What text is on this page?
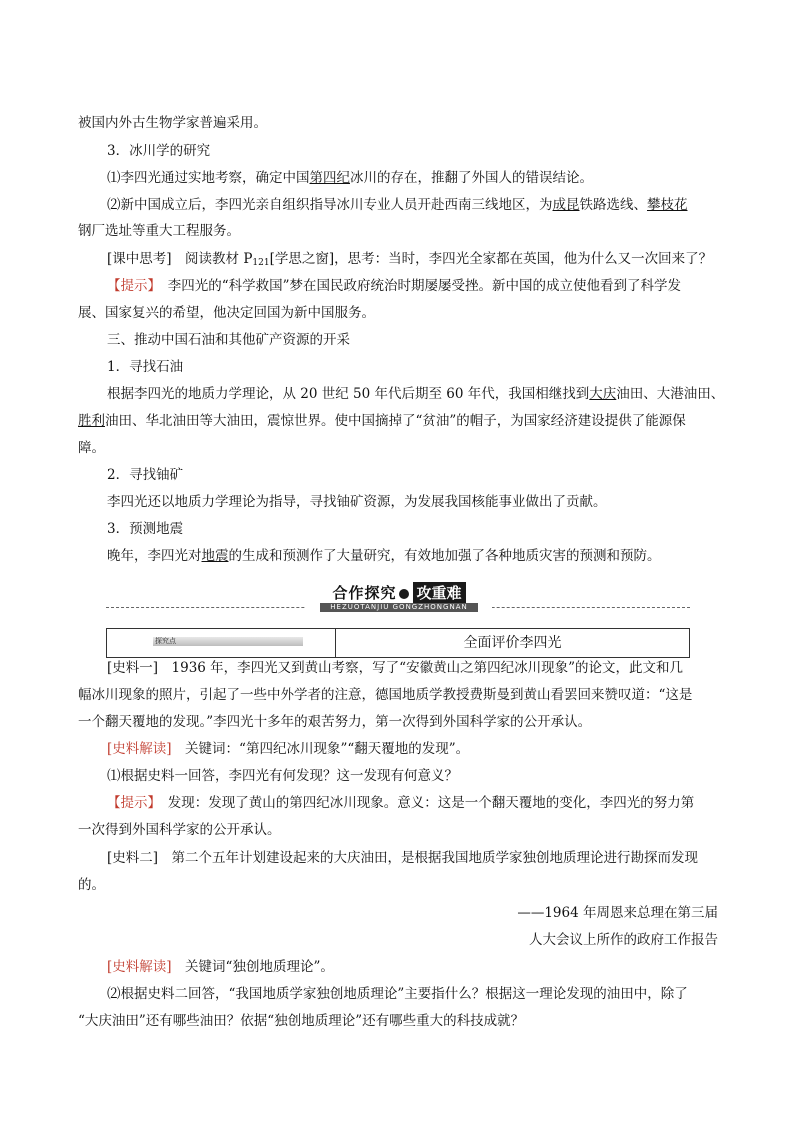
被国内外古生物学家普遍采用。
3．冰川学的研究
⑴李四光通过实地考察，确定中国第四纪冰川的存在，推翻了外国人的错误结论。
⑵新中国成立后，李四光亲自组织指导冰川专业人员开赴西南三线地区，为成昆铁路选线、攀枝花
钢厂选址等重大工程服务。
[课中思考]　阅读教材 $P_{121}$[学思之窗]，思考：当时，李四光全家都在英国，他为什么又一次回来了？
【提示】　李四光的“科学救国”梦在国民政府统治时期屡屡受挫。新中国的成立使他看到了科学发
展、国家复兴的希望，他决定回国为新中国服务。
三、推动中国石油和其他矿产资源的开采
1．寻找石油
根据李四光的地质力学理论，从 20 世纪 50 年代后期至 60 年代，我国相继找到大庆油田、大港油田、
胜利油田、华北油田等大油田，震惊世界。使中国摘掉了“贫油”的帽子，为国家经济建设提供了能源保
障。
2．寻找铀矿
李四光还以地质力学理论为指导，寻找铀矿资源，为发展我国核能事业做出了贡献。
3．预测地震
晚年，李四光对地震的生成和预测作了大量研究，有效地加强了各种地质灾害的预测和预防。
合作探究 攻重难
HEZUOTANJIU GONGZHONGNAN
探究点	全面评价李四光
[史料一]　1936 年，李四光又到黄山考察，写了“安徽黄山之第四纪冰川现象”的论文，此文和几
幅冰川现象的照片，引起了一些中外学者的注意，德国地质学教授费斯曼到黄山看罢回来赞叹道：“这是
一个翻天覆地的发现。”李四光十多年的艰苦努力，第一次得到外国科学家的公开承认。
[史料解读]　关键词：“第四纪冰川现象”“翻天覆地的发现”。
⑴根据史料一回答，李四光有何发现？这一发现有何意义？
【提示】　发现：发现了黄山的第四纪冰川现象。意义：这是一个翻天覆地的变化，李四光的努力第
一次得到外国科学家的公开承认。
[史料二]　第二个五年计划建设起来的大庆油田，是根据我国地质学家独创地质理论进行勘探而发现
的。
——1964 年周恩来总理在第三届
人大会议上所作的政府工作报告
[史料解读]　关键词“独创地质理论”。
⑵根据史料二回答，“我国地质学家独创地质理论”主要指什么？根据这一理论发现的油田中，除了
“大庆油田”还有哪些油田？依据“独创地质理论”还有哪些重大的科技成就？
